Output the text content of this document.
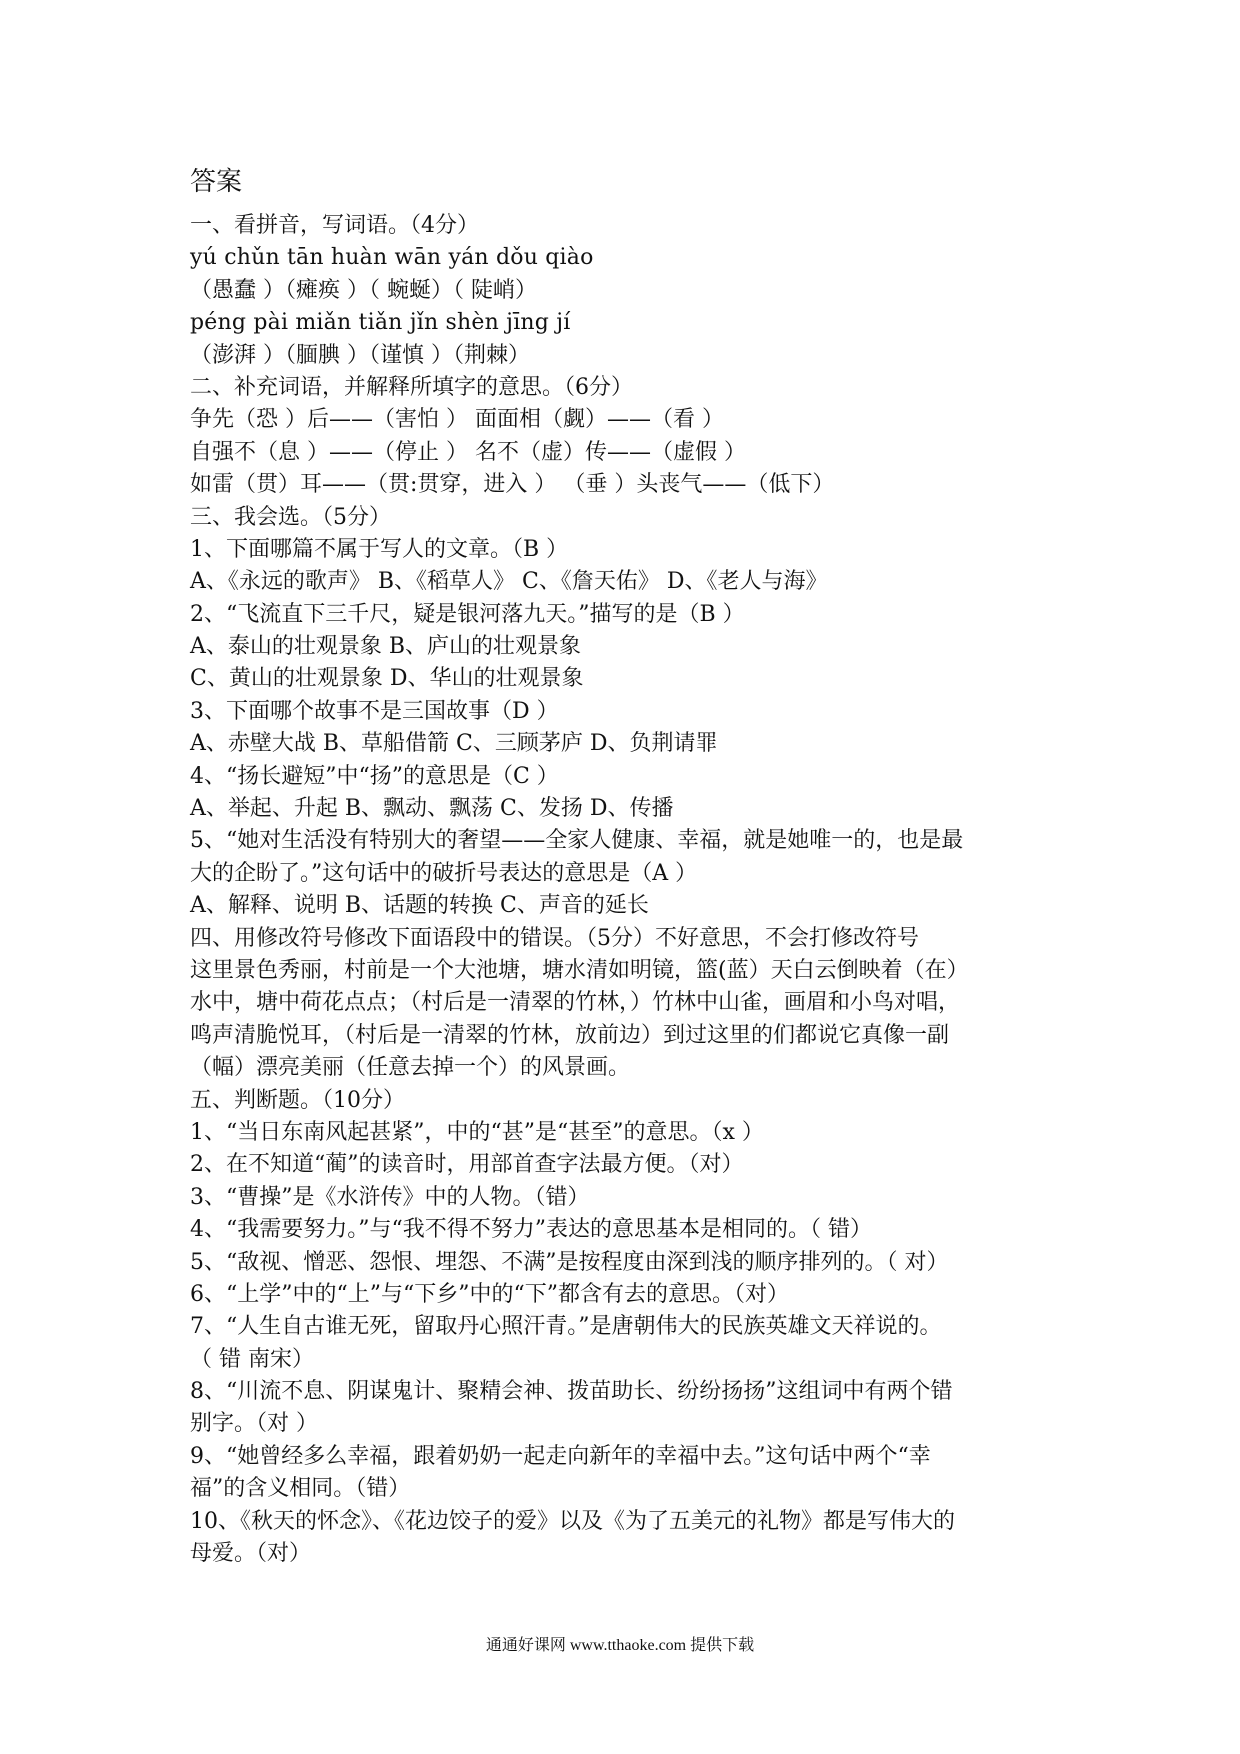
答案
一、看拼音，写词语。（4分）
yú chǔn tān huàn wān yán dǒu qiào
（愚蠢 ）（瘫痪 ）（ 蜿蜒）（ 陡峭）
péng pài miǎn tiǎn jǐn shèn jīng jí
（澎湃 ）（腼腆 ）（谨慎 ）（荆棘）
二、补充词语，并解释所填字的意思。（6分）
争先（恐 ）后——（害怕 ） 面面相（觑）——（看 ）
自强不（息 ）——（停止 ） 名不（虚）传——（虚假 ）
如雷（贯）耳——（贯:贯穿，进入 ） （垂 ）头丧气——（低下）
三、我会选。（5分）
1、下面哪篇不属于写人的文章。（B ）
A、《永远的歌声》 B、《稻草人》 C、《詹天佑》 D、《老人与海》
2、“飞流直下三千尺，疑是银河落九天。”描写的是（B ）
A、泰山的壮观景象 B、庐山的壮观景象
C、黄山的壮观景象 D、华山的壮观景象
3、下面哪个故事不是三国故事（D ）
A、赤壁大战 B、草船借箭 C、三顾茅庐 D、负荆请罪
4、“扬长避短”中“扬”的意思是（C ）
A、举起、升起 B、飘动、飘荡 C、发扬 D、传播
5、“她对生活没有特别大的奢望——全家人健康、幸福，就是她唯一的，也是最
大的企盼了。”这句话中的破折号表达的意思是（A ）
A、解释、说明 B、话题的转换 C、声音的延长
四、用修改符号修改下面语段中的错误。（5分）不好意思，不会打修改符号
这里景色秀丽，村前是一个大池塘，塘水清如明镜，篮(蓝）天白云倒映着（在）
水中，塘中荷花点点；（村后是一清翠的竹林，）竹林中山雀，画眉和小鸟对唱，
鸣声清脆悦耳，（村后是一清翠的竹林，放前边）到过这里的们都说它真像一副
（幅）漂亮美丽（任意去掉一个）的风景画。
五、判断题。（10分）
1、“当日东南风起甚紧”，中的“甚”是“甚至”的意思。（x ）
2、在不知道“蔺”的读音时，用部首查字法最方便。（对）
3、“曹操”是《水浒传》中的人物。（错）
4、“我需要努力。”与“我不得不努力”表达的意思基本是相同的。（ 错）
5、“敌视、憎恶、怨恨、埋怨、不满”是按程度由深到浅的顺序排列的。（ 对）
6、“上学”中的“上”与“下乡”中的“下”都含有去的意思。（对）
7、“人生自古谁无死，留取丹心照汗青。”是唐朝伟大的民族英雄文天祥说的。
（ 错 南宋）
8、“川流不息、阴谋鬼计、聚精会神、拨苗助长、纷纷扬扬”这组词中有两个错
别字。（对 ）
9、“她曾经多么幸福，跟着奶奶一起走向新年的幸福中去。”这句话中两个“幸
福”的含义相同。（错）
10、《秋天的怀念》、《花边饺子的爱》以及《为了五美元的礼物》都是写伟大的
母爱。（对）
通通好课网 www.tthaoke.com 提供下载
